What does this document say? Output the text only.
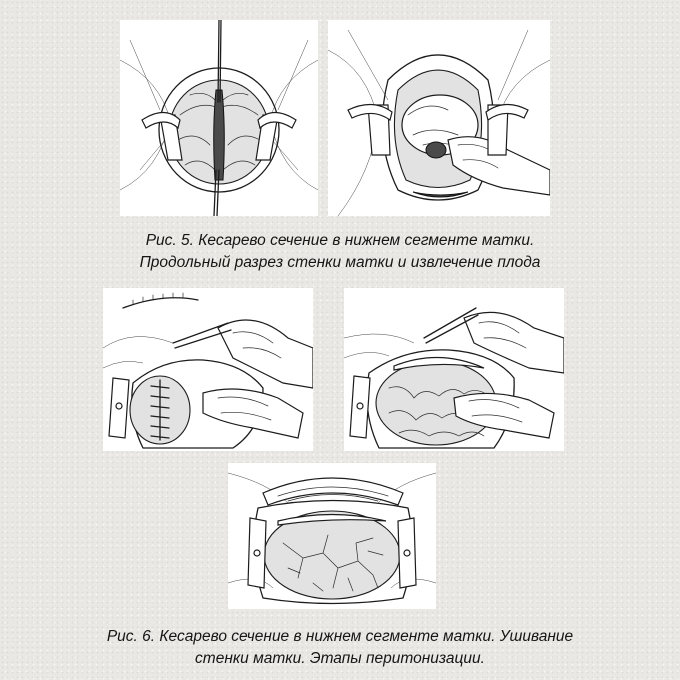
Рис. 5. Кесарево сечение в нижнем сегменте матки.
Продольный разрез стенки матки и извлечение плода
Рис. 6. Кесарево сечение в нижнем сегменте матки. Ушивание
стенки матки. Этапы перитонизации.
